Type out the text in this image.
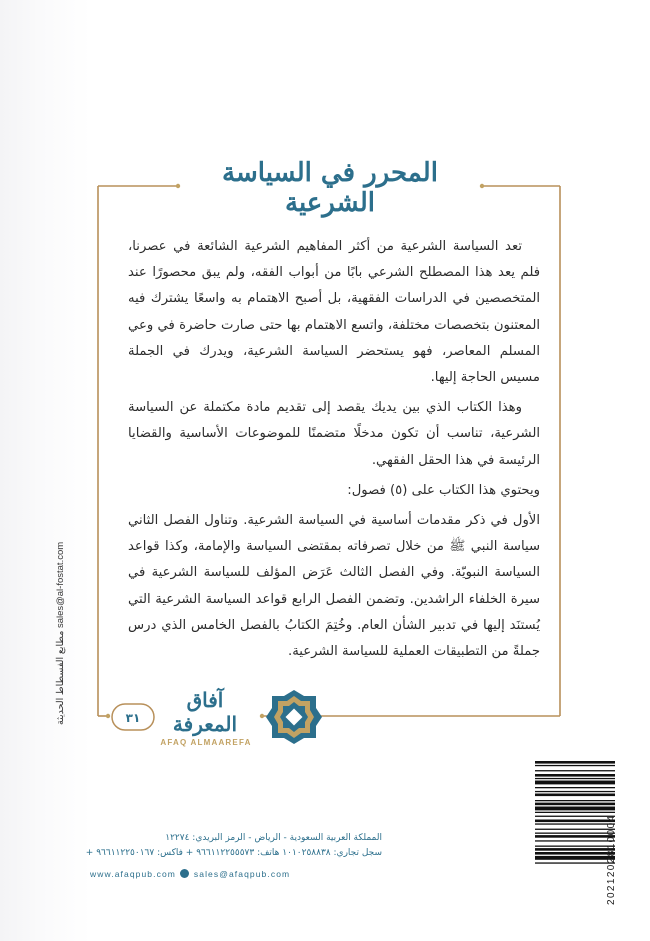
المحرر في السياسة الشرعية

تعد السياسة الشرعية من أكثر المفاهيم الشرعية الشائعة في عصرنا، فلم يعد هذا المصطلح الشرعي بابًا من أبواب الفقه، ولم يبق محصورًا عند المتخصصين في الدراسات الفقهية، بل أصبح الاهتمام به واسعًا يشترك فيه المعتنون بتخصصات مختلفة، واتسع الاهتمام بها حتى صارت حاضرة في وعي المسلم المعاصر، فهو يستحضر السياسة الشرعية، ويدرك في الجملة مسيس الحاجة إليها.

وهذا الكتاب الذي بين يديك يقصد إلى تقديم مادة مكتملة عن السياسة الشرعية، تناسب أن تكون مدخلًا متضمنًا للموضوعات الأساسية والقضايا الرئيسة في هذا الحقل الفقهي.

ويحتوي هذا الكتاب على (٥) فصول:

الأول في ذكر مقدمات أساسية في السياسة الشرعية. وتناول الفصل الثاني سياسة النبي ﷺ من خلال تصرفاته بمقتضى السياسة والإمامة، وكذا قواعد السياسة النبويّة. وفي الفصل الثالث عَرَض المؤلف للسياسة الشرعية في سيرة الخلفاء الراشدين. وتضمن الفصل الرابع قواعد السياسة الشرعية التي يُستنَد إليها في تدبير الشأن العام. وخُتِمَ الكتابُ بالفصل الخامس الذي درس جملةً من التطبيقات العملية للسياسة الشرعية.

٣١
آفاق المعرفة
AFAQ ALMAAREFA
مطابع الفسطاط الحديثة sales@al-fostat.com
المملكة العربية السعودية - الرياض - الرمز البريدي: ١٢٢٧٤
سجل تجاري: ١٠١٠٢٥٨٨٣٨ هاتف: ٩٦٦١١٢٢٥٥٥٧٣ + فاكس: ٩٦٦١١٢٢٥٠١٦٧ +
www.afaqpub.com sales@afaqpub.com	2021202810004
